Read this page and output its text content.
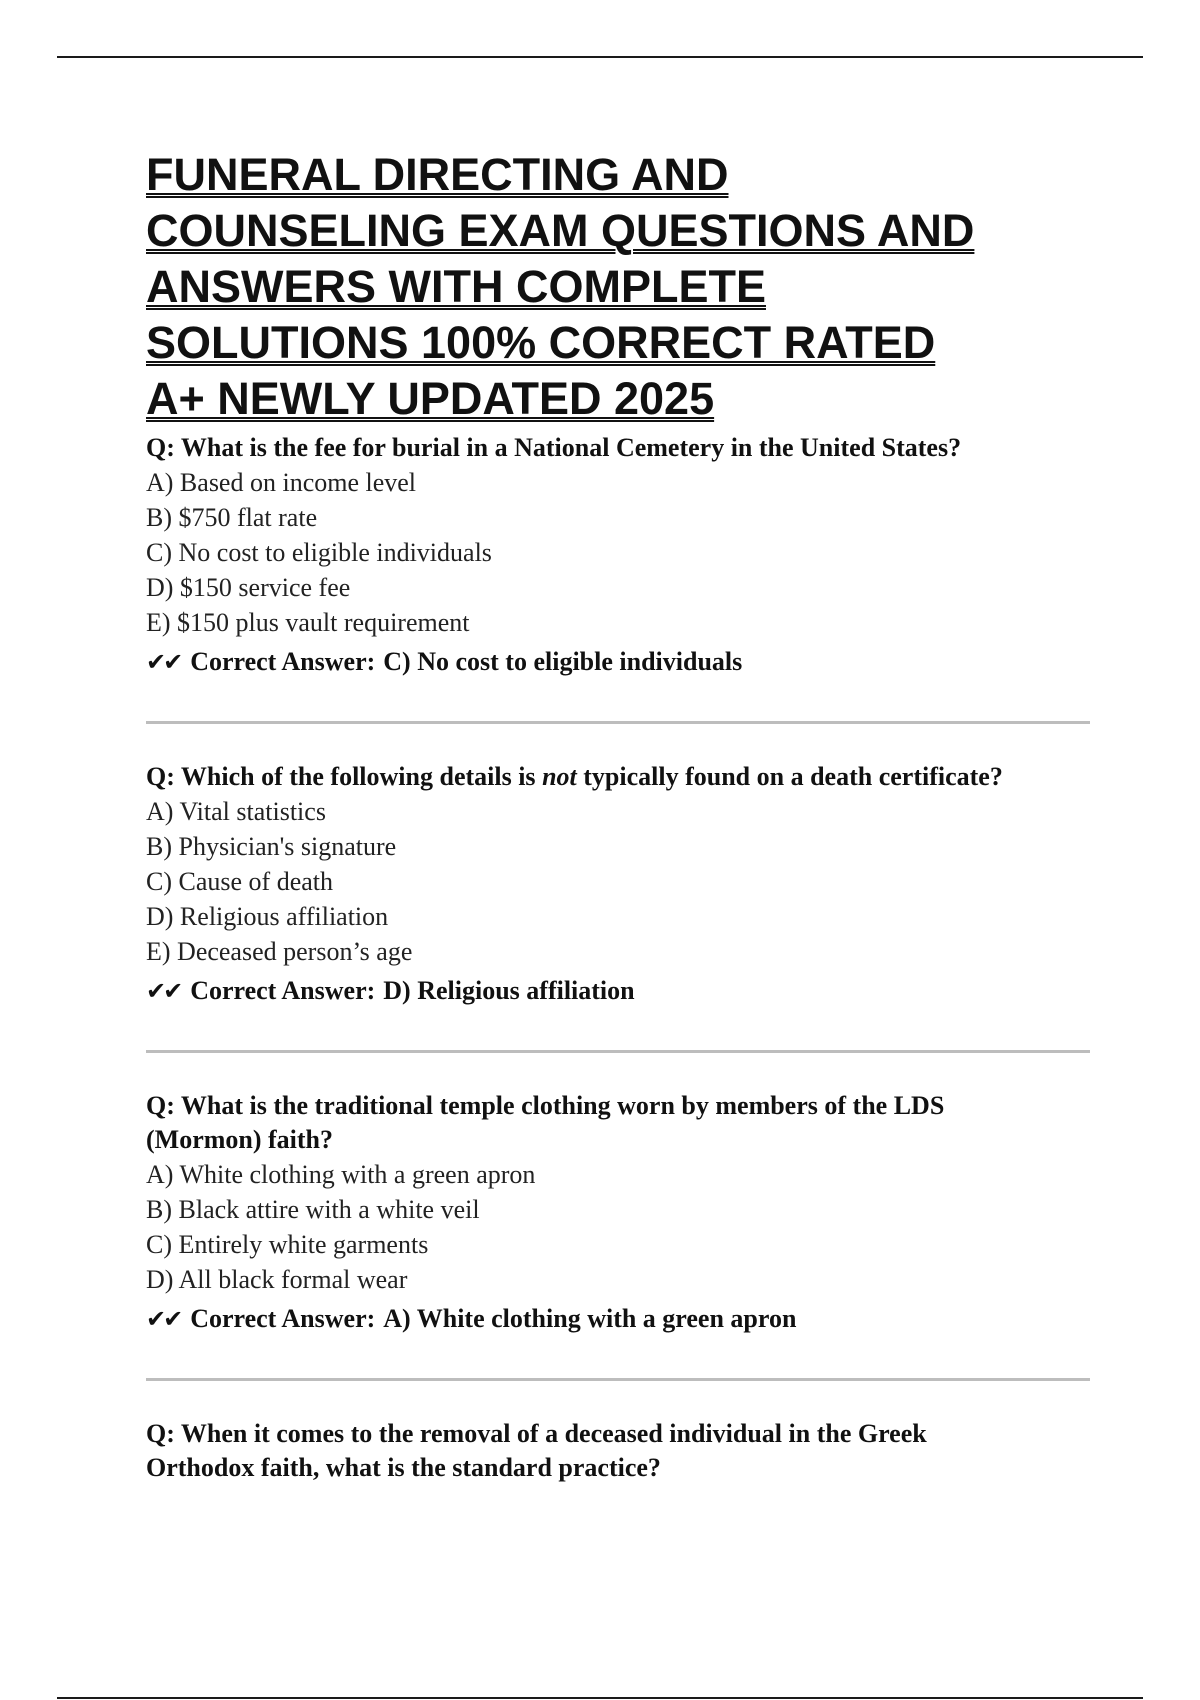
FUNERAL DIRECTING AND
COUNSELING EXAM QUESTIONS AND
ANSWERS WITH COMPLETE
SOLUTIONS 100% CORRECT RATED
A+ NEWLY UPDATED 2025

Q: What is the fee for burial in a National Cemetery in the United States?

A) Based on income level
B) $750 flat rate
C) No cost to eligible individuals
D) $150 service fee
E) $150 plus vault requirement
✔✔ Correct Answer: C) No cost to eligible individuals

Q: Which of the following details is not typically found on a death certificate?

A) Vital statistics
B) Physician's signature
C) Cause of death
D) Religious affiliation
E) Deceased person’s age
✔✔ Correct Answer: D) Religious affiliation

Q: What is the traditional temple clothing worn by members of the LDS (Mormon) faith?

A) White clothing with a green apron
B) Black attire with a white veil
C) Entirely white garments
D) All black formal wear
✔✔ Correct Answer: A) White clothing with a green apron

Q: When it comes to the removal of a deceased individual in the Greek Orthodox faith, what is the standard practice?
